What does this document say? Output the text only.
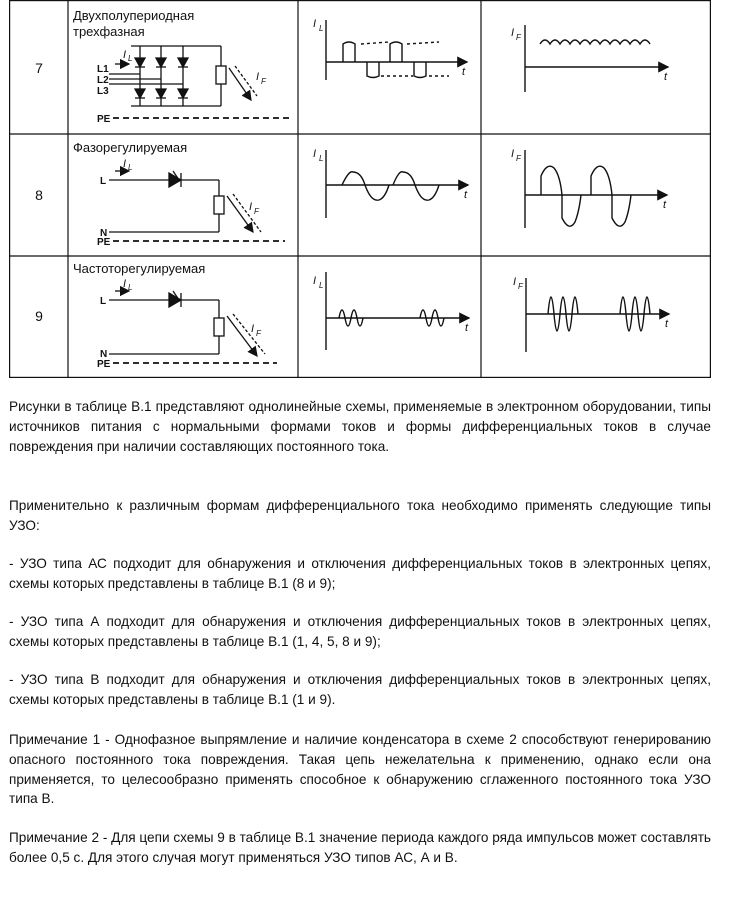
I L
t
I F
t
I L
t
I F
t
I L
t
I F
t
I L
I F
I L
I F
I L
I F
L1
L2
L3
PE
L
N
PE
L
N
PE
7
8
9
Двухполупериодная
трехфазная
Фазорегулируемая
Частоторегулируемая

Рисунки в таблице В.1 представляют однолинейные схемы, применяемые в электронном оборудовании, типы источников питания с нормальными формами токов и формы дифференциальных токов в случае повреждения при наличии составляющих постоянного тока.

Применительно к различным формам дифференциального тока необходимо применять следующие типы УЗО:

- УЗО типа АС подходит для обнаружения и отключения дифференциальных токов в электронных цепях, схемы которых представлены в таблице В.1 (8 и 9);

- УЗО типа А подходит для обнаружения и отключения дифференциальных токов в электронных цепях, схемы которых представлены в таблице В.1 (1, 4, 5, 8 и 9);

- УЗО типа В подходит для обнаружения и отключения дифференциальных токов в электронных цепях, схемы которых представлены в таблице В.1 (1 и 9).

Примечание 1 - Однофазное выпрямление и наличие конденсатора в схеме 2 способствуют генерированию опасного постоянного тока повреждения. Такая цепь нежелательна к применению, однако если она применяется, то целесообразно применять способное к обнаружению сглаженного постоянного тока УЗО типа В.

Примечание 2 - Для цепи схемы 9 в таблице В.1 значение периода каждого ряда импульсов может составлять более 0,5 с. Для этого случая могут применяться УЗО типов АС, А и В.
